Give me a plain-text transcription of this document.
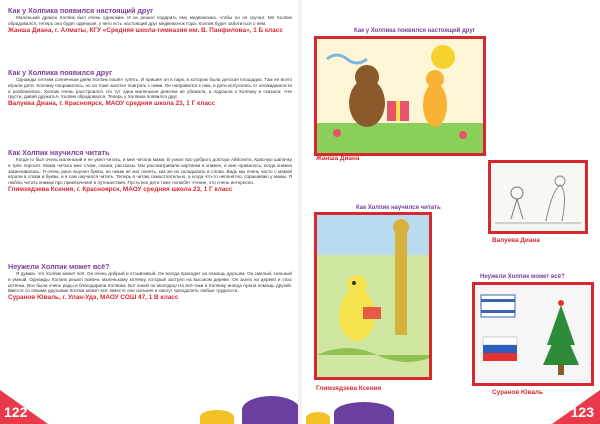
Как у Холпика появился настоящий друг

Маленький дракон Холпик был очень одиноким. И он решил подарить ему медвежонка, чтобы он не скучал. Мл Холпик обрадовался, теперь она будет одинокая, у него есть настоящий друг медвежонок Гора. Холпик будет заботиться о нём.

Жанша Диана, г. Алматы, КГУ «Средняя школа-гимназия им. В. Панфилова», 1 Б класс

Как у Холпика появился друг

Однажды летним солнечным днём Холпик пошёл гулять. И пришёл он в парк, в котором была детская площадка. Там не всего играли дети. Холпику понравилось, но он тоже захотел поиграть с ними. Он направился к ним, и дети испугались от неожиданности и разбежались. Холпик очень расстроился. Но тут одна маленькая девочка не убежала, а подошла к Холпику и сказала: «Не грусти, давай дружить!» Холпик обрадовался. Теперь у Холпика появился друг.

Валуева Диана, г. Красноярск, МАОУ средняя школа 23, 1 Г класс

Как Холпик научился читать

Когда-то был очень маленький и не умел читать, и мне читала мама. В узнал про доброго доктора Айболита, Красную шапочку и трёх поросят. Мама читала мне стихи, сказки, рассказы. Мы рассматривали картинки в книжке, и мне нравилось, когда книжка заканчивалась. Я очень рано выучил буквы, но никак не мог понять, как же их складывать в слова. Видь мы очень часто с мамой играли в слова и буквы, и я сам научился читать. Теперь я читаю самостоятельно, а когда что-то непонятно, спрашиваю у мамы. Я люблю читать книжки про приключения и путешествия. Пусть все дети тоже полюбят чтение, это очень интересно.

Глимзядзева Ксения, г. Красноярск, МАОУ средняя школа 23, 1 Г класс

Неужели Холпик может всё?

Я думаю, что Холпик может всё. Он очень добрый и отзывчивый. Он всегда приходит на помощь друзьям. Он смелый, сильный и умный. Однажды Холпик решил помочь маленькому котёнку, который застрял на высоком дереве. Он залез на дерево и спас котёнка. Все были очень рады и благодарили Холпика. Вот какой он молодец! Но всё-таки и Холпику иногда нужна помощь друзей. Вместе со своими друзьями Холпик может всё. Вместе они сильнее и смогут преодолеть любые трудности.

Суранов Юваль, г. Улан-Удэ, МАОУ СОШ 47, 1 В класс

122
Как у Холпика появился настоящий друг
Жанша Диана
Как Холпик научился читать
Валуева Диана
Глимзядзева Ксения
Неужели Холпик может всё?
Суранов Юваль
123
